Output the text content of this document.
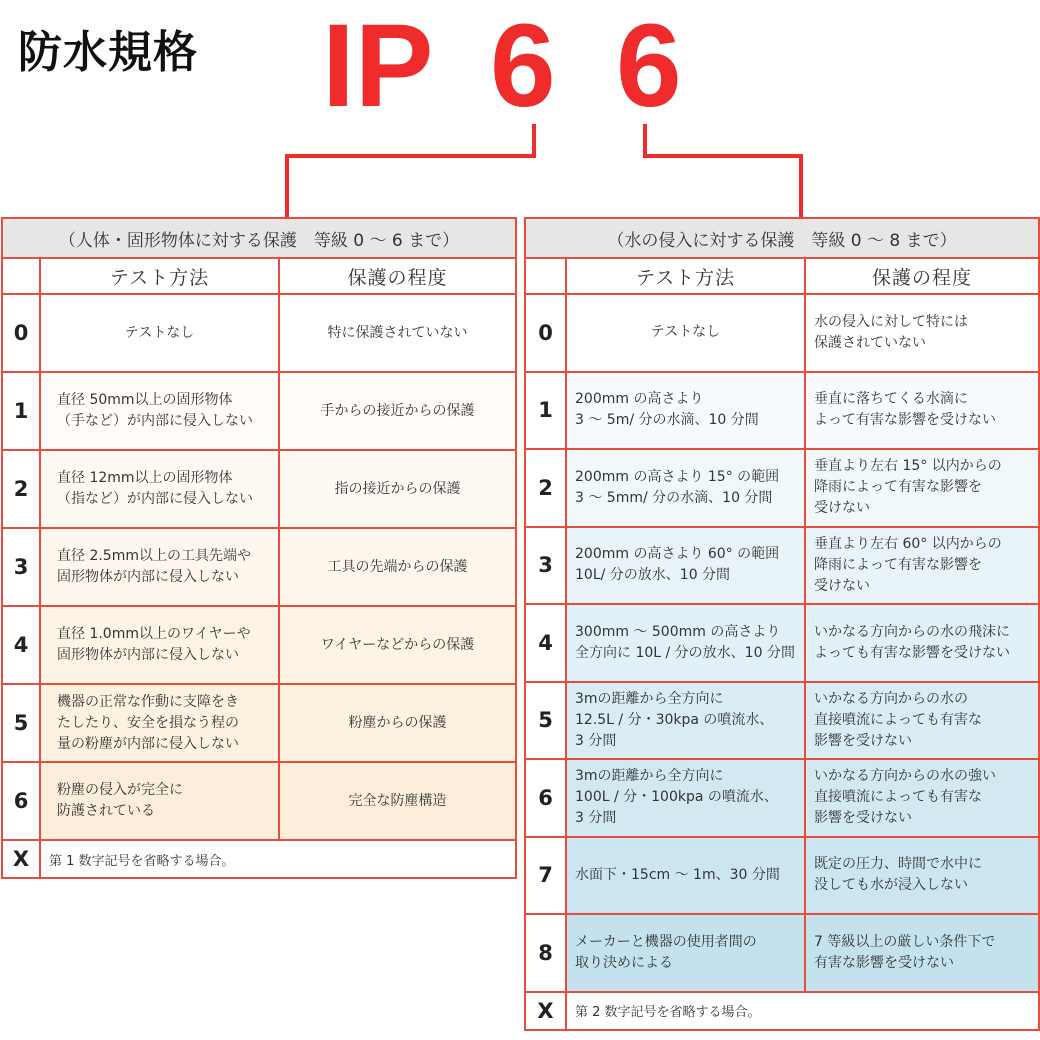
防水規格 IP 6 6
（人体・固形物体に対する保護　等級 0 〜 6 まで）		
	テスト方法	保護の程度
0	テストなし	特に保護されていない
1	直径 50mm以上の固形物体
（手など）が内部に侵入しない	手からの接近からの保護
2	直径 12mm以上の固形物体
（指など）が内部に侵入しない	指の接近からの保護
3	直径 2.5mm以上の工具先端や
固形物体が内部に侵入しない	工具の先端からの保護
4	直径 1.0mm以上のワイヤーや
固形物体が内部に侵入しない	ワイヤーなどからの保護
5	機器の正常な作動に支障をき
たしたり、安全を損なう程の
量の粉塵が内部に侵入しない	粉塵からの保護
6	粉塵の侵入が完全に
防護されている	完全な防塵構造
X	第 1 数字記号を省略する場合。	
（水の侵入に対する保護　等級 0 〜 8 まで）		
	テスト方法	保護の程度
0	テストなし	水の侵入に対して特には
保護されていない
1	200mm の高さより
3 〜 5m/ 分の水滴、10 分間	垂直に落ちてくる水滴に
よって有害な影響を受けない
2	200mm の高さより 15° の範囲
3 〜 5mm/ 分の水滴、10 分間	垂直より左右 15° 以内からの
降雨によって有害な影響を
受けない
3	200mm の高さより 60° の範囲
10L/ 分の放水、10 分間	垂直より左右 60° 以内からの
降雨によって有害な影響を
受けない
4	300mm 〜 500mm の高さより
全方向に 10L / 分の放水、10 分間	いかなる方向からの水の飛沫に
よっても有害な影響を受けない
5	3mの距離から全方向に
12.5L / 分・30kpa の噴流水、
3 分間	いかなる方向からの水の
直接噴流によっても有害な
影響を受けない
6	3mの距離から全方向に
100L / 分・100kpa の噴流水、
3 分間	いかなる方向からの水の強い
直接噴流によっても有害な
影響を受けない
7	水面下・15cm 〜 1m、30 分間	既定の圧力、時間で水中に
没しても水が浸入しない
8	メーカーと機器の使用者間の
取り決めによる	7 等級以上の厳しい条件下で
有害な影響を受けない
X	第 2 数字記号を省略する場合。	
